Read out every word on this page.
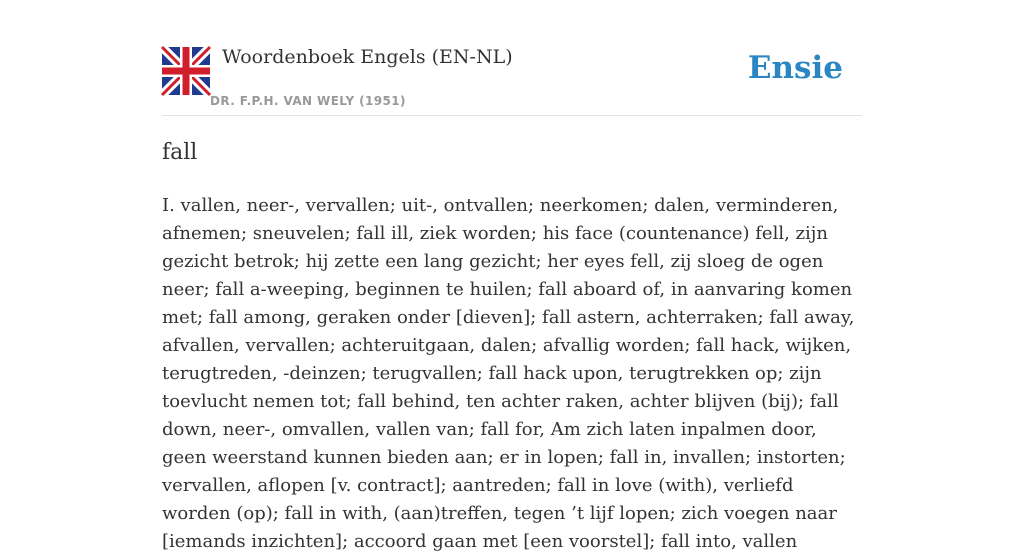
Woordenboek Engels (EN-NL)
DR. F.P.H. VAN WELY (1951)
Ensie
fall

I. vallen, neer-, vervallen; uit-, ontvallen; neerkomen; dalen, verminderen, afnemen; sneuvelen; fall ill, ziek worden; his face (countenance) fell, zijn gezicht betrok; hij zette een lang gezicht; her eyes fell, zij sloeg de ogen neer; fall a-weeping, beginnen te huilen; fall aboard of, in aanvaring komen met; fall among, geraken onder [dieven]; fall astern, achterraken; fall away, afvallen, vervallen; achteruitgaan, dalen; afvallig worden; fall hack, wijken, terugtreden, -deinzen; terugvallen; fall hack upon, terugtrekken op; zijn toevlucht nemen tot; fall behind, ten achter raken, achter blijven (bij); fall down, neer-, omvallen, vallen van; fall for, Am zich laten inpalmen door, geen weerstand kunnen bieden aan; er in lopen; fall in, invallen; instorten; vervallen, aflopen [v. contract]; aantreden; fall in love (with), verliefd worden (op); fall in with, (aan)treffen, tegen ’t lijf lopen; zich voegen naar [iemands inzichten]; accoord gaan met [een voorstel]; fall into, vallen
